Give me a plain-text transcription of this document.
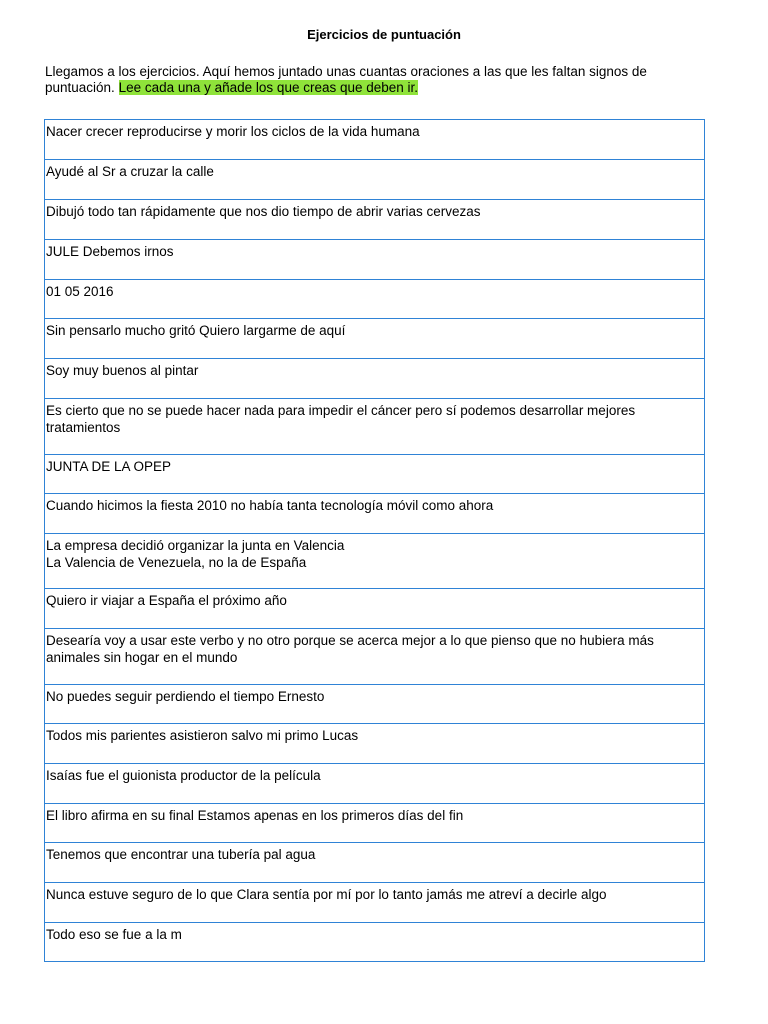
Ejercicios de puntuación
Llegamos a los ejercicios. Aquí hemos juntado unas cuantas oraciones a las que les faltan signos de puntuación. Lee cada una y añade los que creas que deben ir.
Nacer crecer reproducirse y morir los ciclos de la vida humana
Ayudé al Sr a cruzar la calle
Dibujó todo tan rápidamente que nos dio tiempo de abrir varias cervezas
JULE Debemos irnos
01 05 2016
Sin pensarlo mucho gritó Quiero largarme de aquí
Soy muy buenos al pintar
Es cierto que no se puede hacer nada para impedir el cáncer pero sí podemos desarrollar mejores tratamientos
JUNTA DE LA OPEP
Cuando hicimos la fiesta 2010 no había tanta tecnología móvil como ahora
La empresa decidió organizar la junta en Valencia
La Valencia de Venezuela, no la de España
Quiero ir viajar a España el próximo año
Desearía voy a usar este verbo y no otro porque se acerca mejor a lo que pienso que no hubiera más animales sin hogar en el mundo
No puedes seguir perdiendo el tiempo Ernesto
Todos mis parientes asistieron salvo mi primo Lucas
Isaías fue el guionista productor de la película
El libro afirma en su final Estamos apenas en los primeros días del fin
Tenemos que encontrar una tubería pal agua
Nunca estuve seguro de lo que Clara sentía por mí por lo tanto jamás me atreví a decirle algo
Todo eso se fue a la m
